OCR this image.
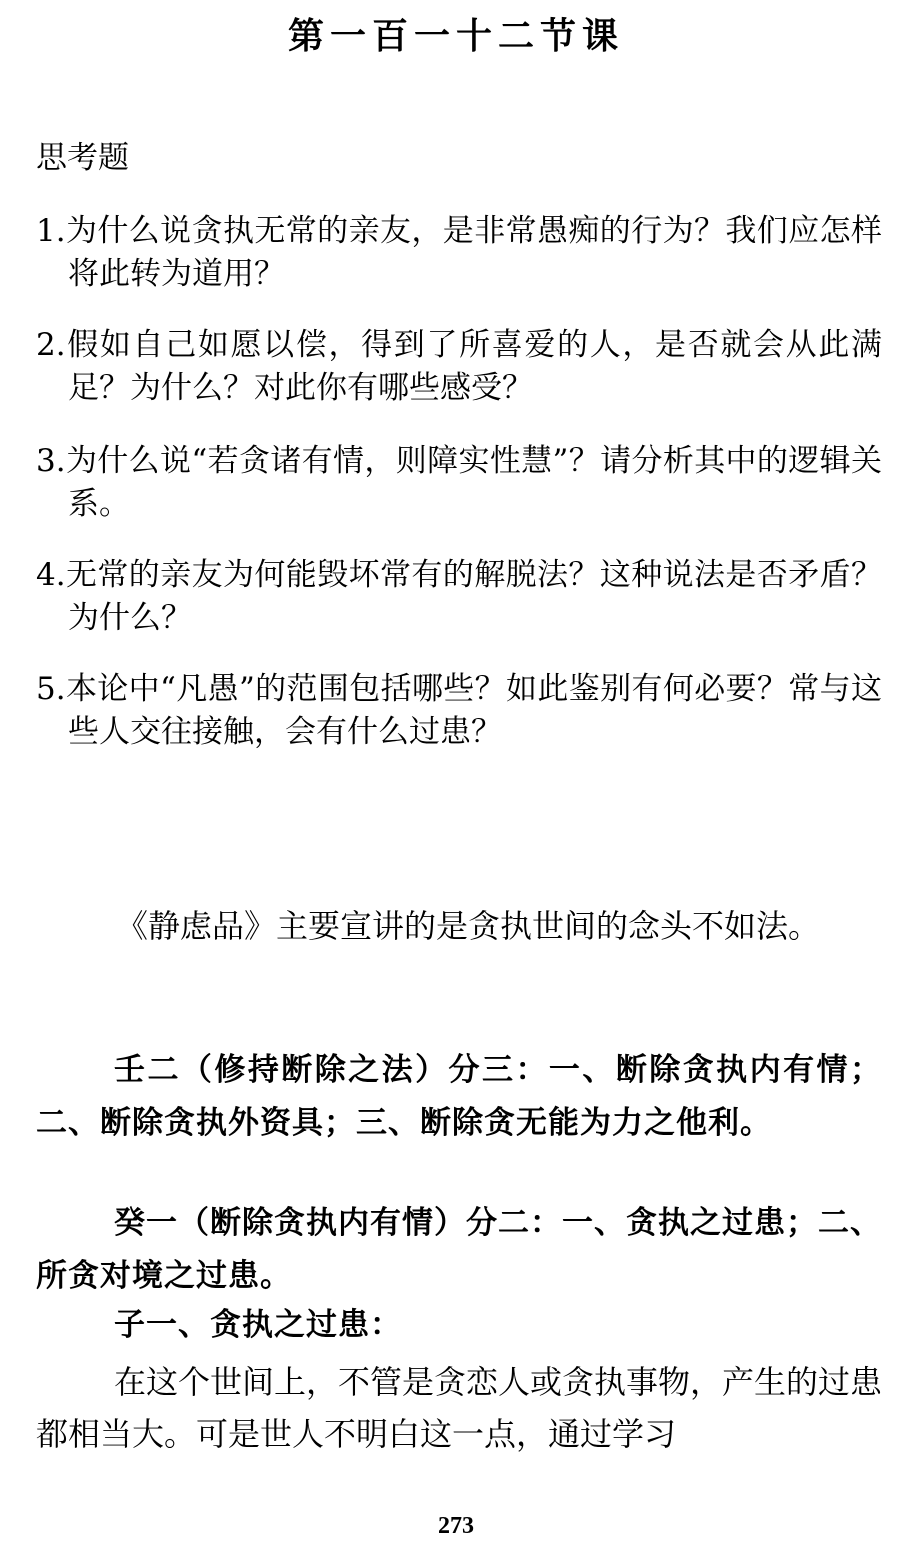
第一百一十二节课
思考题
1.为什么说贪执无常的亲友，是非常愚痴的行为？我们应怎样将此转为道用？
2.假如自己如愿以偿，得到了所喜爱的人，是否就会从此满足？为什么？对此你有哪些感受？
3.为什么说“若贪诸有情，则障实性慧”？请分析其中的逻辑关系。
4.无常的亲友为何能毁坏常有的解脱法？这种说法是否矛盾？为什么？
5.本论中“凡愚”的范围包括哪些？如此鉴别有何必要？常与这些人交往接触，会有什么过患？
《静虑品》主要宣讲的是贪执世间的念头不如法。
壬二（修持断除之法）分三：一、断除贪执内有情；二、断除贪执外资具；三、断除贪无能为力之他利。
癸一（断除贪执内有情）分二：一、贪执之过患；二、所贪对境之过患。
子一、贪执之过患：
在这个世间上，不管是贪恋人或贪执事物，产生的过患都相当大。可是世人不明白这一点，通过学习
273
